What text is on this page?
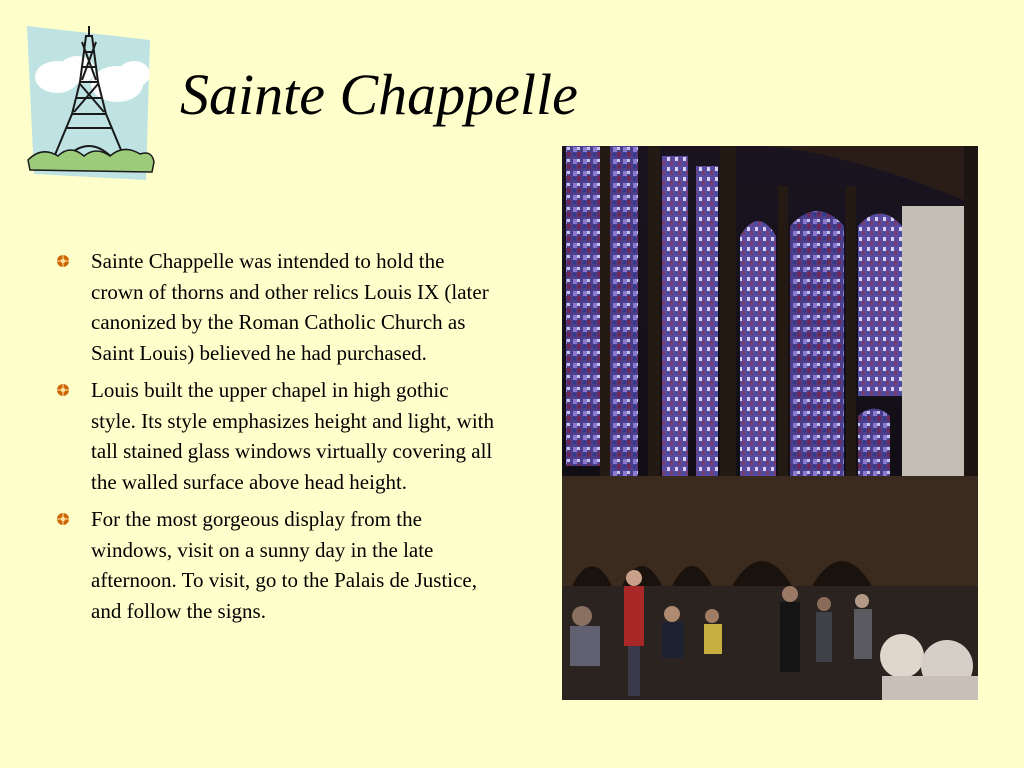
Sainte Chappelle
Sainte Chappelle was intended to hold the crown of thorns and other relics Louis IX (later canonized by the Roman Catholic Church as Saint Louis) believed he had purchased.
Louis built the upper chapel in high gothic style. Its style emphasizes height and light, with tall stained glass windows virtually covering all the walled surface above head height.
For the most gorgeous display from the windows, visit on a sunny day in the late afternoon. To visit, go to the Palais de Justice, and follow the signs.
